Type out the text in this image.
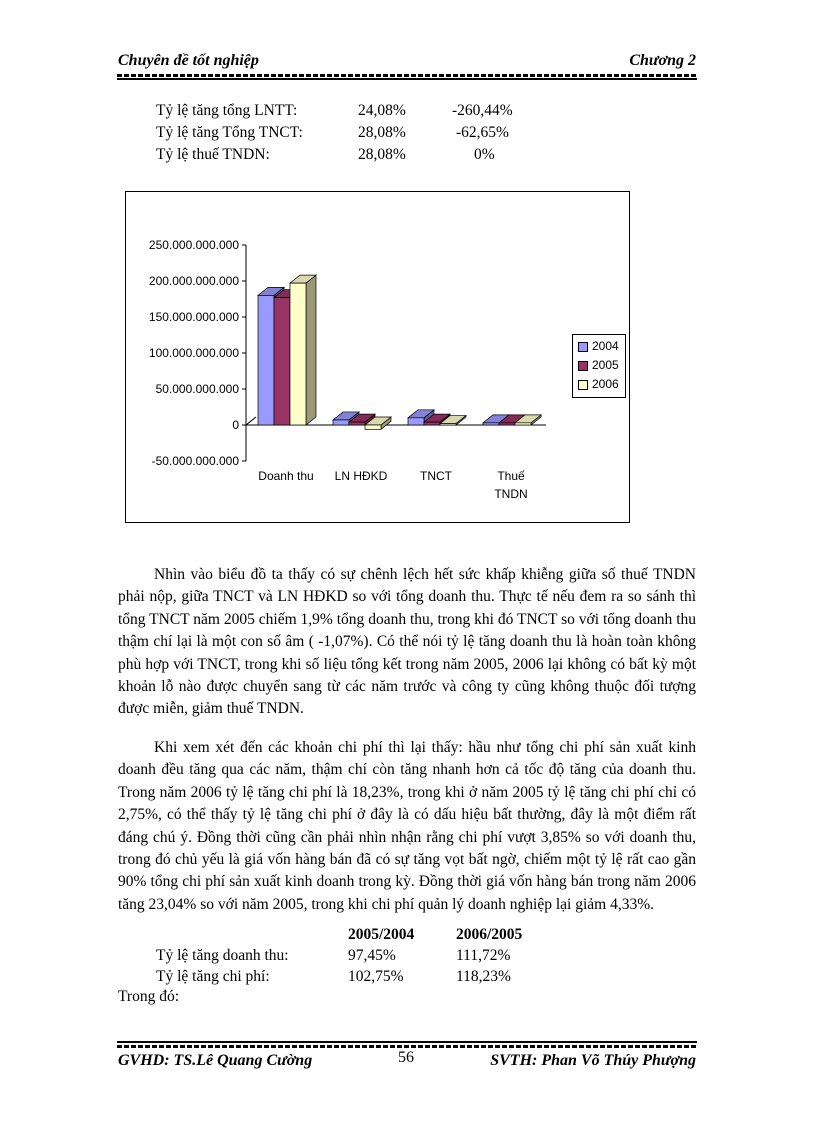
Chuyên đề tốt nghiệp	Chương 2
Tỷ lệ tăng tổng LNTT:	24,08%	-260,44%
Tỷ lệ tăng Tổng TNCT:	28,08%	-62,65%
Tỷ lệ thuế TNDN:	28,08%	0%
250.000.000.000
200.000.000.000
150.000.000.000
100.000.000.000
50.000.000.000
0
-50.000.000.000
Doanh thu LN HĐKD	TNCT	Thuế
TNDN
2004
2005
2006

Nhìn vào biểu đồ ta thấy có sự chênh lệch hết sức khấp khiễng giữa số thuế TNDN phải nộp, giữa TNCT và LN HĐKD so với tổng doanh thu. Thực tế nếu đem ra so sánh thì tổng TNCT năm 2005 chiếm 1,9% tổng doanh thu, trong khi đó TNCT so với tổng doanh thu thậm chí lại là một con số âm ( -1,07%). Có thể nói tỷ lệ tăng doanh thu là hoàn toàn không phù hợp với TNCT, trong khi số liệu tổng kết trong năm 2005, 2006 lại không có bất kỳ một khoản lỗ nào được chuyển sang từ các năm trước và công ty cũng không thuộc đối tượng được miễn, giảm thuế TNDN.

Khi xem xét đến các khoản chi phí thì lại thấy: hầu như tổng chi phí sản xuất kinh doanh đều tăng qua các năm, thậm chí còn tăng nhanh hơn cả tốc độ tăng của doanh thu. Trong năm 2006 tỷ lệ tăng chi phí là 18,23%, trong khi ở năm 2005 tỷ lệ tăng chi phí chỉ có 2,75%, có thể thấy tỷ lệ tăng chi phí ở đây là có dấu hiệu bất thường, đây là một điểm rất đáng chú ý. Đồng thời cũng cần phải nhìn nhận rằng chi phí vượt 3,85% so với doanh thu, trong đó chủ yếu là giá vốn hàng bán đã có sự tăng vọt bất ngờ, chiếm một tỷ lệ rất cao gần 90% tổng chi phí sản xuất kinh doanh trong kỳ. Đồng thời giá vốn hàng bán trong năm 2006 tăng 23,04% so với năm 2005, trong khi chi phí quản lý doanh nghiệp lại giảm 4,33%.

2005/2004	2006/2005
Tỷ lệ tăng doanh thu:	97,45%	111,72%
Tỷ lệ tăng chi phí:	102,75%	118,23%
Trong đó:
GVHD: TS.Lê Quang Cường	56	SVTH: Phan Võ Thúy Phượng
